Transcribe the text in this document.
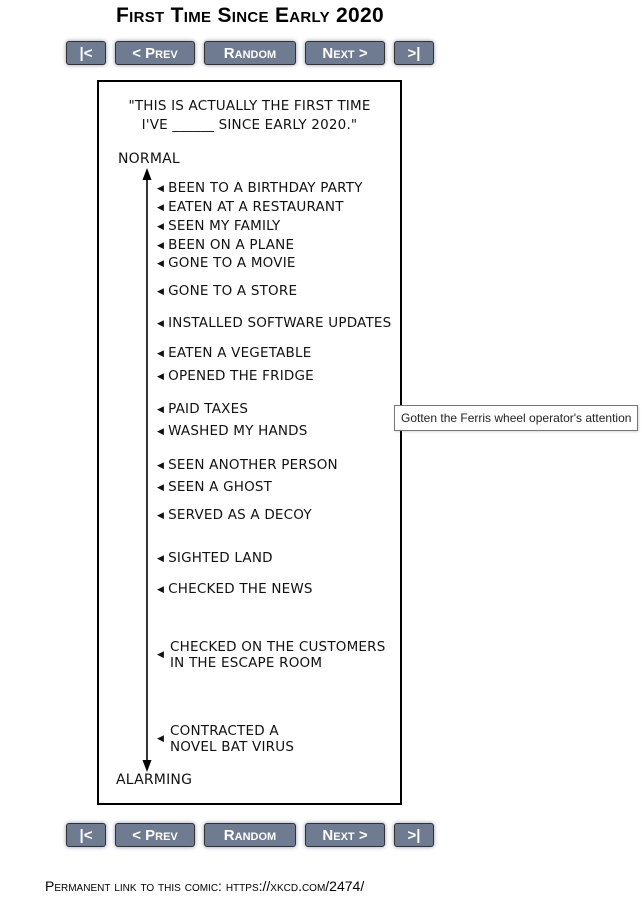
First Time Since Early 2020
|<	< Prev	Random	Next >	>|
"THIS IS ACTUALLY THE FIRST TIME
I'VE ______ SINCE EARLY 2020."
NORMAL
ALARMING
◀ BEEN TO A BIRTHDAY PARTY
◀ EATEN AT A RESTAURANT
◀ SEEN MY FAMILY
◀ BEEN ON A PLANE
◀ GONE TO A MOVIE
◀ GONE TO A STORE
◀ INSTALLED SOFTWARE UPDATES
◀ EATEN A VEGETABLE
◀ OPENED THE FRIDGE
◀ PAID TAXES
◀ WASHED MY HANDS
◀ SEEN ANOTHER PERSON
◀ SEEN A GHOST
◀ SERVED AS A DECOY
◀ SIGHTED LAND
◀ CHECKED THE NEWS
◀ CHECKED ON THE CUSTOMERS
IN THE ESCAPE ROOM
◀ CONTRACTED A
NOVEL BAT VIRUS
Gotten the Ferris wheel operator's attention
|<	< Prev	Random	Next >	>|
Permanent link to this comic: https://xkcd.com/2474/
